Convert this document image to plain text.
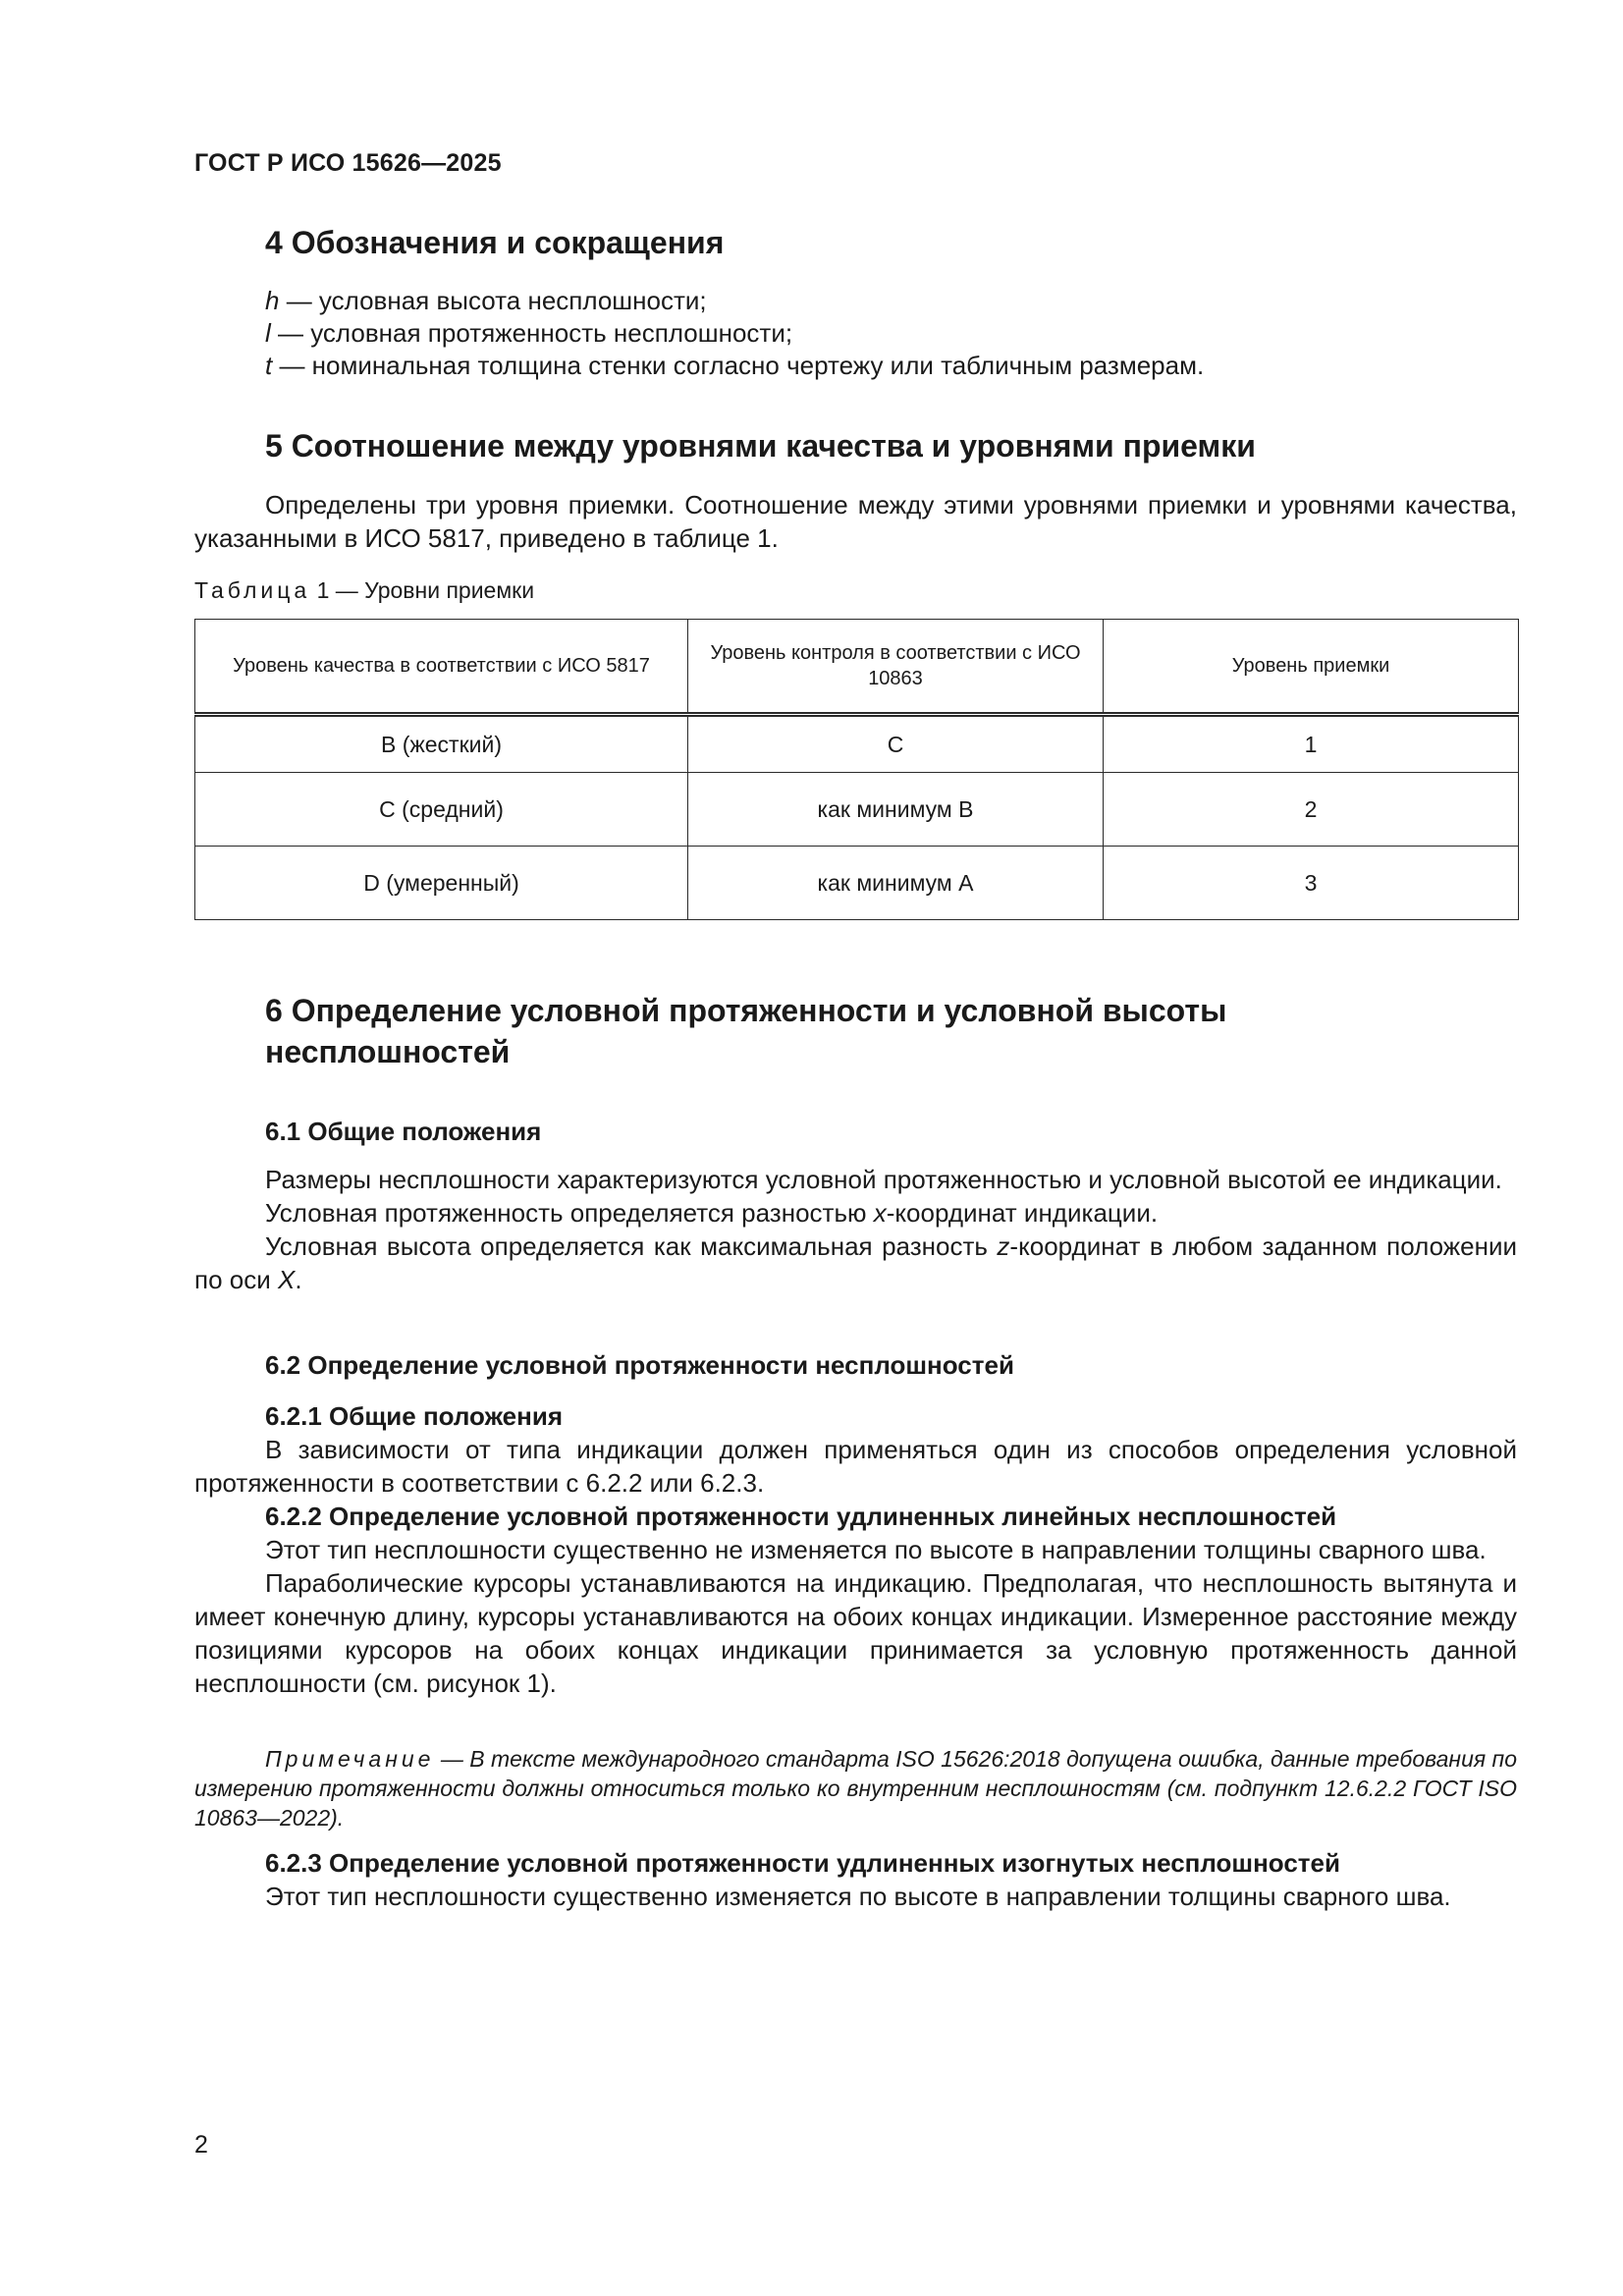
ГОСТ Р ИСО 15626—2025
4 Обозначения и сокращения
h — условная высота несплошности;
l — условная протяженность несплошности;
t — номинальная толщина стенки согласно чертежу или табличным размерам.
5 Соотношение между уровнями качества и уровнями приемки

Определены три уровня приемки. Соотношение между этими уровнями приемки и уровнями качества, указанными в ИСО 5817, приведено в таблице 1.

Таблица 1 — Уровни приемки
Уровень качества в соответствии с ИСО 5817	Уровень контроля в соответствии с ИСО 10863	Уровень приемки
B (жесткий)	С	1
С (средний)	как минимум В	2
D (умеренный)	как минимум А	3
6 Определение условной протяженности и условной высоты
несплошностей
6.1 Общие положения

Размеры несплошности характеризуются условной протяженностью и условной высотой ее индикации.

Условная протяженность определяется разностью x-координат индикации.

Условная высота определяется как максимальная разность z-координат в любом заданном положении по оси X.

6.2 Определение условной протяженности несплошностей
6.2.1 Общие положения

В зависимости от типа индикации должен применяться один из способов определения условной протяженности в соответствии с 6.2.2 или 6.2.3.

6.2.2 Определение условной протяженности удлиненных линейных несплошностей

Этот тип несплошности существенно не изменяется по высоте в направлении толщины сварного шва.

Параболические курсоры устанавливаются на индикацию. Предполагая, что несплошность вытянута и имеет конечную длину, курсоры устанавливаются на обоих концах индикации. Измеренное расстояние между позициями курсоров на обоих концах индикации принимается за условную протяженность данной несплошности (см. рисунок 1).

Примечание — В тексте международного стандарта ISO 15626:2018 допущена ошибка, данные требования по измерению протяженности должны относиться только ко внутренним несплошностям (см. подпункт 12.6.2.2 ГОСТ ISO 10863—2022).

6.2.3 Определение условной протяженности удлиненных изогнутых несплошностей

Этот тип несплошности существенно изменяется по высоте в направлении толщины сварного шва.

2
